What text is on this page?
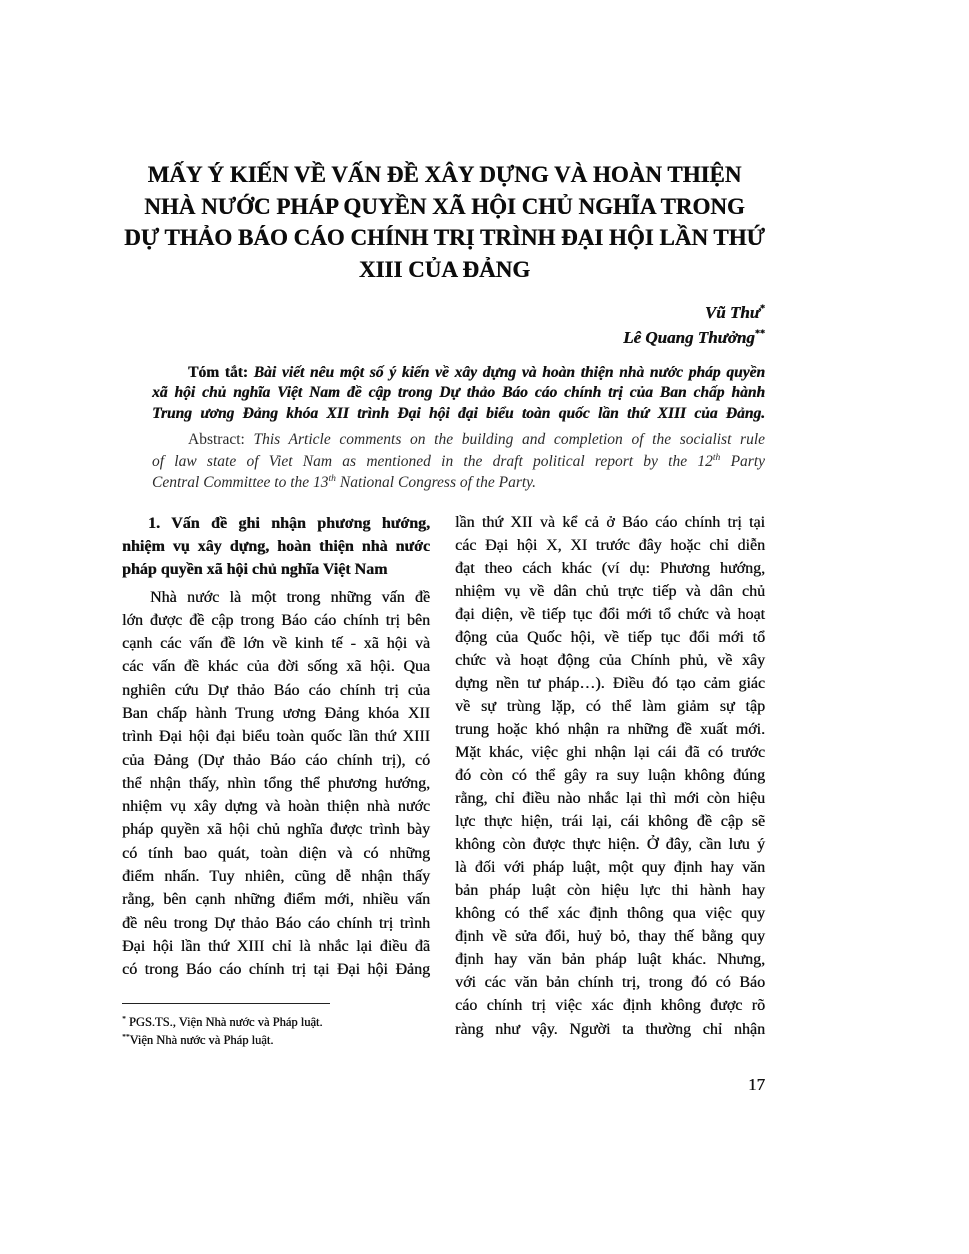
MẤY Ý KIẾN VỀ VẤN ĐỀ XÂY DỰNG VÀ HOÀN THIỆN
NHÀ NƯỚC PHÁP QUYỀN XÃ HỘI CHỦ NGHĨA TRONG
DỰ THẢO BÁO CÁO CHÍNH TRỊ TRÌNH ĐẠI HỘI LẦN THỨ
XIII CỦA ĐẢNG
Vũ Thư*
Lê Quang Thưởng**
Tóm tắt: Bài viết nêu một số ý kiến về xây dựng và hoàn thiện nhà nước pháp quyền
xã hội chủ nghĩa Việt Nam đề cập trong Dự thảo Báo cáo chính trị của Ban chấp hành
Trung ương Đảng khóa XII trình Đại hội đại biểu toàn quốc lần thứ XIII của Đảng.
Abstract: This Article comments on the building and completion of the socialist rule
of law state of Viet Nam as mentioned in the draft political report by the 12th Party
Central Committee to the 13th National Congress of the Party.
1. Vấn đề ghi nhận phương hướng,
nhiệm vụ xây dựng, hoàn thiện nhà nước
pháp quyền xã hội chủ nghĩa Việt Nam
Nhà nước là một trong những vấn đề
lớn được đề cập trong Báo cáo chính trị bên
cạnh các vấn đề lớn về kinh tế - xã hội và
các vấn đề khác của đời sống xã hội. Qua
nghiên cứu Dự thảo Báo cáo chính trị của
Ban chấp hành Trung ương Đảng khóa XII
trình Đại hội đại biểu toàn quốc lần thứ XIII
của Đảng (Dự thảo Báo cáo chính trị), có
thể nhận thấy, nhìn tổng thể phương hướng,
nhiệm vụ xây dựng và hoàn thiện nhà nước
pháp quyền xã hội chủ nghĩa được trình bày
có tính bao quát, toàn diện và có những
điểm nhấn. Tuy nhiên, cũng dễ nhận thấy
rằng, bên cạnh những điểm mới, nhiều vấn
đề nêu trong Dự thảo Báo cáo chính trị trình
Đại hội lần thứ XIII chỉ là nhắc lại điều đã
có trong Báo cáo chính trị tại Đại hội Đảng
lần thứ XII và kể cả ở Báo cáo chính trị tại
các Đại hội X, XI trước đây hoặc chỉ diễn
đạt theo cách khác (ví dụ: Phương hướng,
nhiệm vụ về dân chủ trực tiếp và dân chủ
đại diện, về tiếp tục đổi mới tổ chức và hoạt
động của Quốc hội, về tiếp tục đổi mới tổ
chức và hoạt động của Chính phủ, về xây
dựng nền tư pháp…). Điều đó tạo cảm giác
về sự trùng lặp, có thể làm giảm sự tập
trung hoặc khó nhận ra những đề xuất mới.
Mặt khác, việc ghi nhận lại cái đã có trước
đó còn có thể gây ra suy luận không đúng
rằng, chỉ điều nào nhắc lại thì mới còn hiệu
lực thực hiện, trái lại, cái không đề cập sẽ
không còn được thực hiện. Ở đây, cần lưu ý
là đối với pháp luật, một quy định hay văn
bản pháp luật còn hiệu lực thi hành hay
không có thể xác định thông qua việc quy
định về sửa đổi, huỷ bỏ, thay thế bằng quy
định hay văn bản pháp luật khác. Nhưng,
với các văn bản chính trị, trong đó có Báo
cáo chính trị việc xác định không được rõ
ràng như vậy. Người ta thường chỉ nhận
* PGS.TS., Viện Nhà nước và Pháp luật.
**Viện Nhà nước và Pháp luật.
17
